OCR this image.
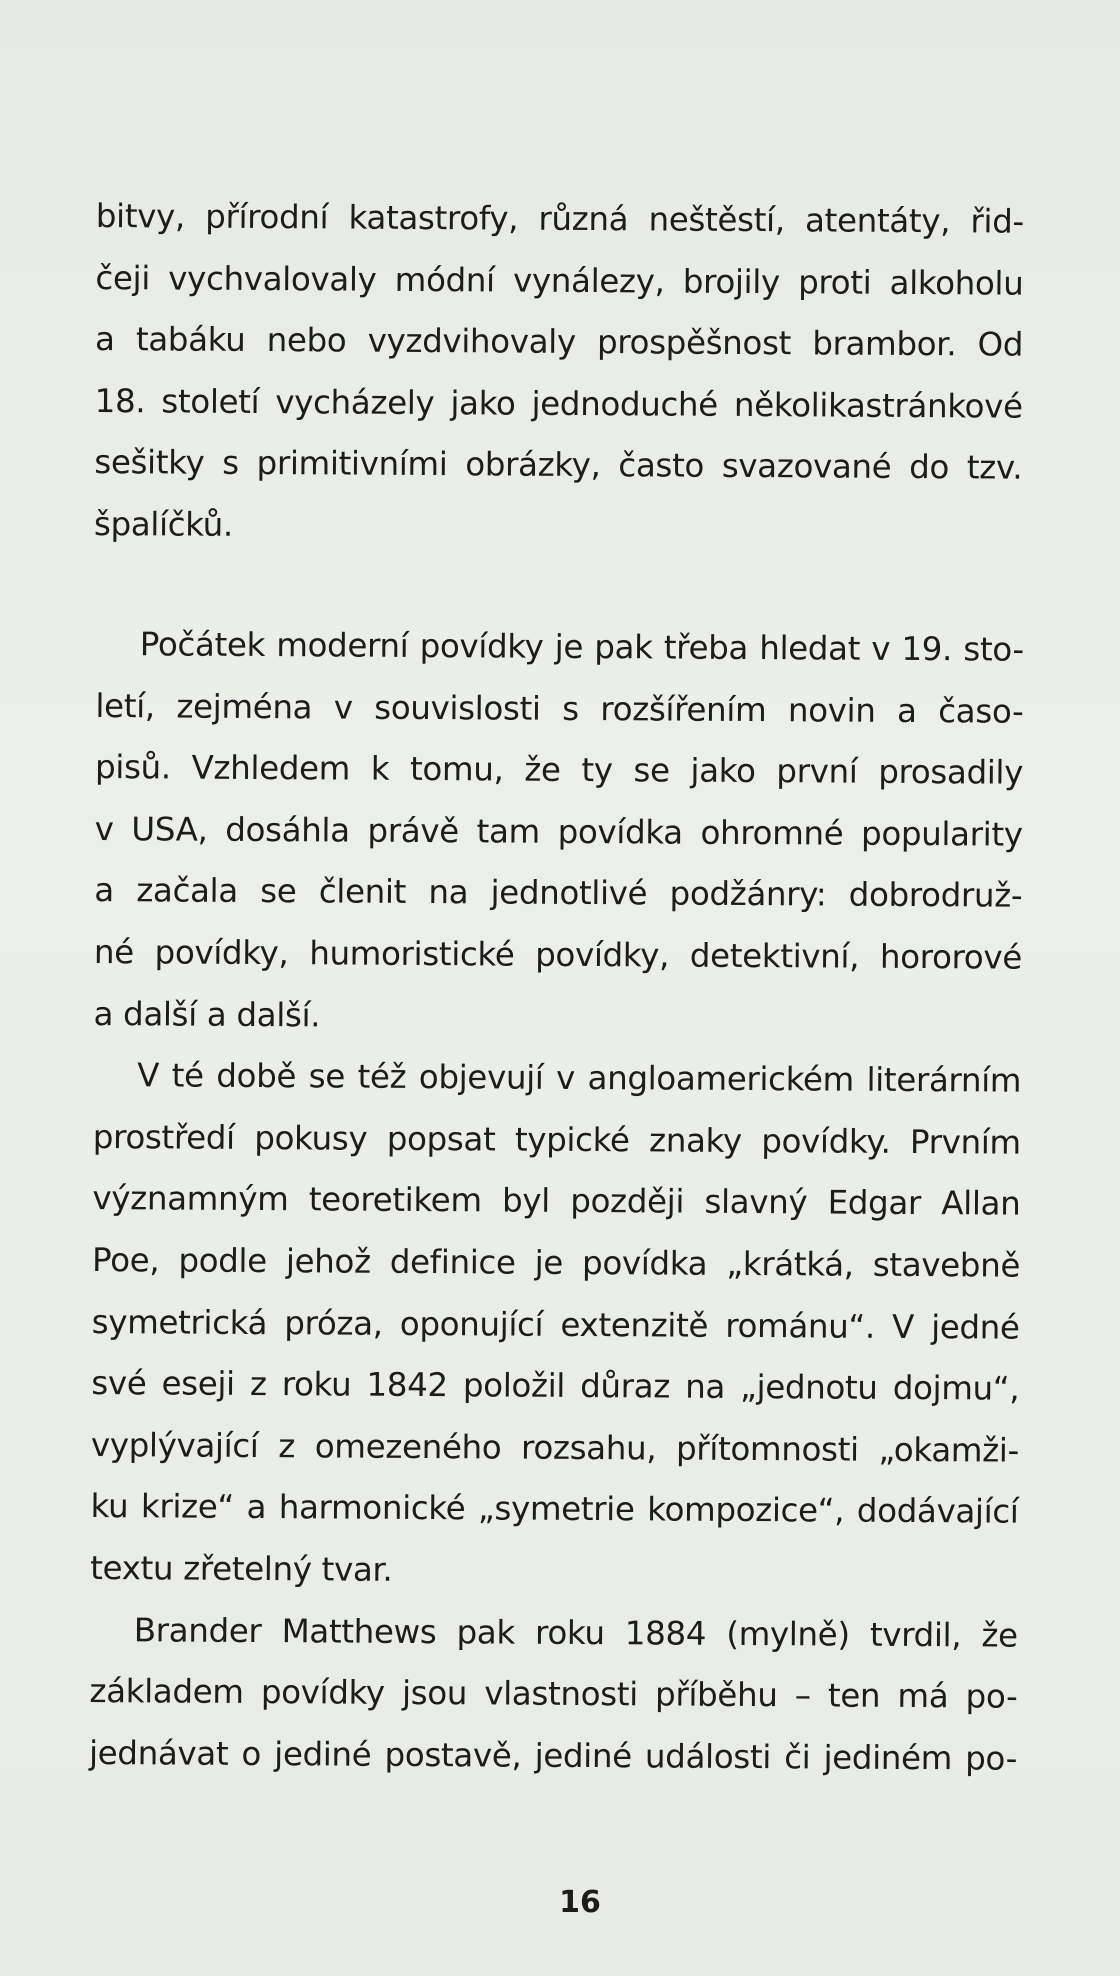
bitvy, přírodní katastrofy, různá neštěstí, atentáty, řid-
čeji vychvalovaly módní vynálezy, brojily proti alkoholu
a tabáku nebo vyzdvihovaly prospěšnost brambor. Od
18. století vycházely jako jednoduché několikastránkové
sešitky s primitivními obrázky, často svazované do tzv.
špalíčků.
Počátek moderní povídky je pak třeba hledat v 19. sto-
letí, zejména v souvislosti s rozšířením novin a časo-
pisů. Vzhledem k tomu, že ty se jako první prosadily
v USA, dosáhla právě tam povídka ohromné popularity
a začala se členit na jednotlivé podžánry: dobrodruž-
né povídky, humoristické povídky, detektivní, hororové
a další a další.
V té době se též objevují v angloamerickém literárním
prostředí pokusy popsat typické znaky povídky. Prvním
významným teoretikem byl později slavný Edgar Allan
Poe, podle jehož definice je povídka „krátká, stavebně
symetrická próza, oponující extenzitě románu“. V jedné
své eseji z roku 1842 položil důraz na „jednotu dojmu“,
vyplývající z omezeného rozsahu, přítomnosti „okamži-
ku krize“ a harmonické „symetrie kompozice“, dodávající
textu zřetelný tvar.
Brander Matthews pak roku 1884 (mylně) tvrdil, že
základem povídky jsou vlastnosti příběhu – ten má po-
jednávat o jediné postavě, jediné události či jediném po-
16
